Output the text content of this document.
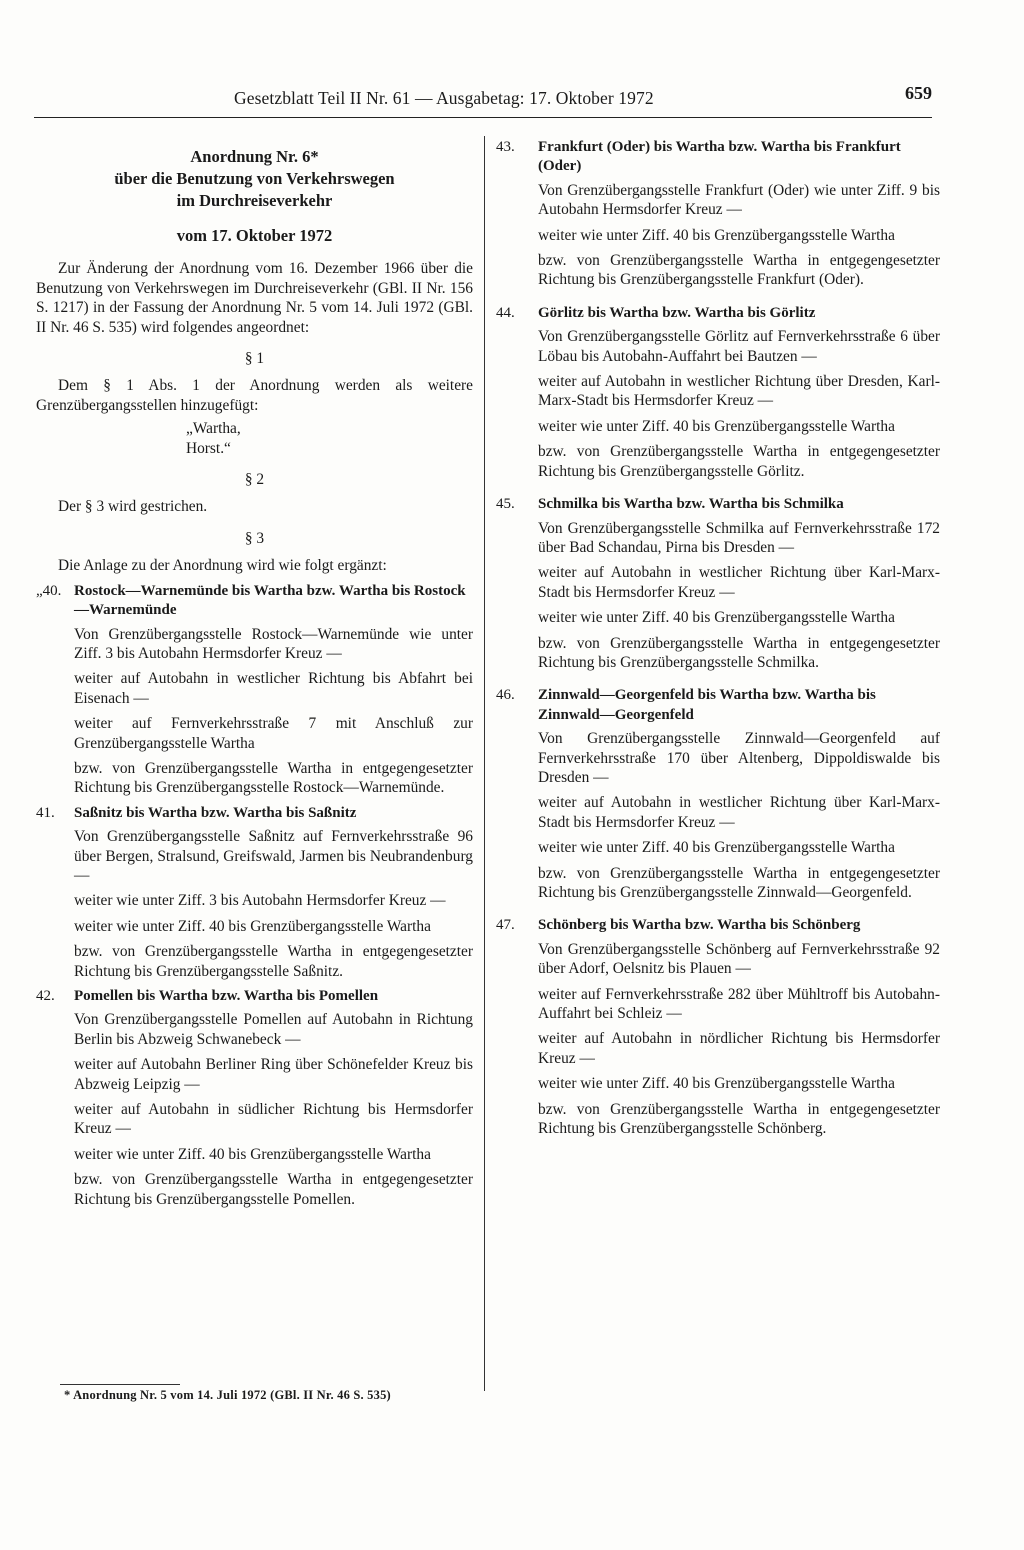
Gesetzblatt Teil II Nr. 61 — Ausgabetag: 17. Oktober 1972	659

Anordnung Nr. 6*

über die Benutzung von Verkehrswegen

im Durchreiseverkehr

vom 17. Oktober 1972

Zur Änderung der Anordnung vom 16. Dezember 1966 über die Benutzung von Verkehrswegen im Durchreiseverkehr (GBl. II Nr. 156 S. 1217) in der Fassung der Anordnung Nr. 5 vom 14. Juli 1972 (GBl. II Nr. 46 S. 535) wird folgendes angeordnet:

§ 1

Dem § 1 Abs. 1 der Anordnung werden als weitere Grenzübergangsstellen hinzugefügt:

„Wartha,

Horst.“

§ 2

Der § 3 wird gestrichen.

§ 3

Die Anlage zu der Anordnung wird wie folgt ergänzt:

„40. Rostock—Warnemünde bis Wartha bzw. Wartha bis Rostock—Warnemünde

Von Grenzübergangsstelle Rostock—Warnemünde wie unter Ziff. 3 bis Autobahn Hermsdorfer Kreuz —

weiter auf Autobahn in westlicher Richtung bis Abfahrt bei Eisenach —

weiter auf Fernverkehrsstraße 7 mit Anschluß zur Grenzübergangsstelle Wartha

bzw. von Grenzübergangsstelle Wartha in entgegengesetzter Richtung bis Grenzübergangsstelle Rostock—Warnemünde.

41.	Saßnitz bis Wartha bzw. Wartha bis Saßnitz

Von Grenzübergangsstelle Saßnitz auf Fernverkehrsstraße 96 über Bergen, Stralsund, Greifswald, Jarmen bis Neubrandenburg —

weiter wie unter Ziff. 3 bis Autobahn Hermsdorfer Kreuz —

weiter wie unter Ziff. 40 bis Grenzübergangsstelle Wartha

bzw. von Grenzübergangsstelle Wartha in entgegengesetzter Richtung bis Grenzübergangsstelle Saßnitz.

42.	Pomellen bis Wartha bzw. Wartha bis Pomellen

Von Grenzübergangsstelle Pomellen auf Autobahn in Richtung Berlin bis Abzweig Schwanebeck —

weiter auf Autobahn Berliner Ring über Schönefelder Kreuz bis Abzweig Leipzig —

weiter auf Autobahn in südlicher Richtung bis Hermsdorfer Kreuz —

weiter wie unter Ziff. 40 bis Grenzübergangsstelle Wartha

bzw. von Grenzübergangsstelle Wartha in entgegengesetzter Richtung bis Grenzübergangsstelle Pomellen.

43.	Frankfurt (Oder) bis Wartha bzw. Wartha bis Frankfurt (Oder)

Von Grenzübergangsstelle Frankfurt (Oder) wie unter Ziff. 9 bis Autobahn Hermsdorfer Kreuz —

weiter wie unter Ziff. 40 bis Grenzübergangsstelle Wartha

bzw. von Grenzübergangsstelle Wartha in entgegengesetzter Richtung bis Grenzübergangsstelle Frankfurt (Oder).

44.	Görlitz bis Wartha bzw. Wartha bis Görlitz

Von Grenzübergangsstelle Görlitz auf Fernverkehrsstraße 6 über Löbau bis Autobahn-Auffahrt bei Bautzen —

weiter auf Autobahn in westlicher Richtung über Dresden, Karl-Marx-Stadt bis Hermsdorfer Kreuz —

weiter wie unter Ziff. 40 bis Grenzübergangsstelle Wartha

bzw. von Grenzübergangsstelle Wartha in entgegengesetzter Richtung bis Grenzübergangsstelle Görlitz.

45.	Schmilka bis Wartha bzw. Wartha bis Schmilka

Von Grenzübergangsstelle Schmilka auf Fernverkehrsstraße 172 über Bad Schandau, Pirna bis Dresden —

weiter auf Autobahn in westlicher Richtung über Karl-Marx-Stadt bis Hermsdorfer Kreuz —

weiter wie unter Ziff. 40 bis Grenzübergangsstelle Wartha

bzw. von Grenzübergangsstelle Wartha in entgegengesetzter Richtung bis Grenzübergangsstelle Schmilka.

46.	Zinnwald—Georgenfeld bis Wartha bzw. Wartha bis Zinnwald—Georgenfeld

Von Grenzübergangsstelle Zinnwald—Georgenfeld auf Fernverkehrsstraße 170 über Altenberg, Dippoldiswalde bis Dresden —

weiter auf Autobahn in westlicher Richtung über Karl-Marx-Stadt bis Hermsdorfer Kreuz —

weiter wie unter Ziff. 40 bis Grenzübergangsstelle Wartha

bzw. von Grenzübergangsstelle Wartha in entgegengesetzter Richtung bis Grenzübergangsstelle Zinnwald—Georgenfeld.

47.	Schönberg bis Wartha bzw. Wartha bis Schönberg

Von Grenzübergangsstelle Schönberg auf Fernverkehrsstraße 92 über Adorf, Oelsnitz bis Plauen —

weiter auf Fernverkehrsstraße 282 über Mühltroff bis Autobahn-Auffahrt bei Schleiz —

weiter auf Autobahn in nördlicher Richtung bis Hermsdorfer Kreuz —

weiter wie unter Ziff. 40 bis Grenzübergangsstelle Wartha

bzw. von Grenzübergangsstelle Wartha in entgegengesetzter Richtung bis Grenzübergangsstelle Schönberg.

* Anordnung Nr. 5 vom 14. Juli 1972 (GBl. II Nr. 46 S. 535)
